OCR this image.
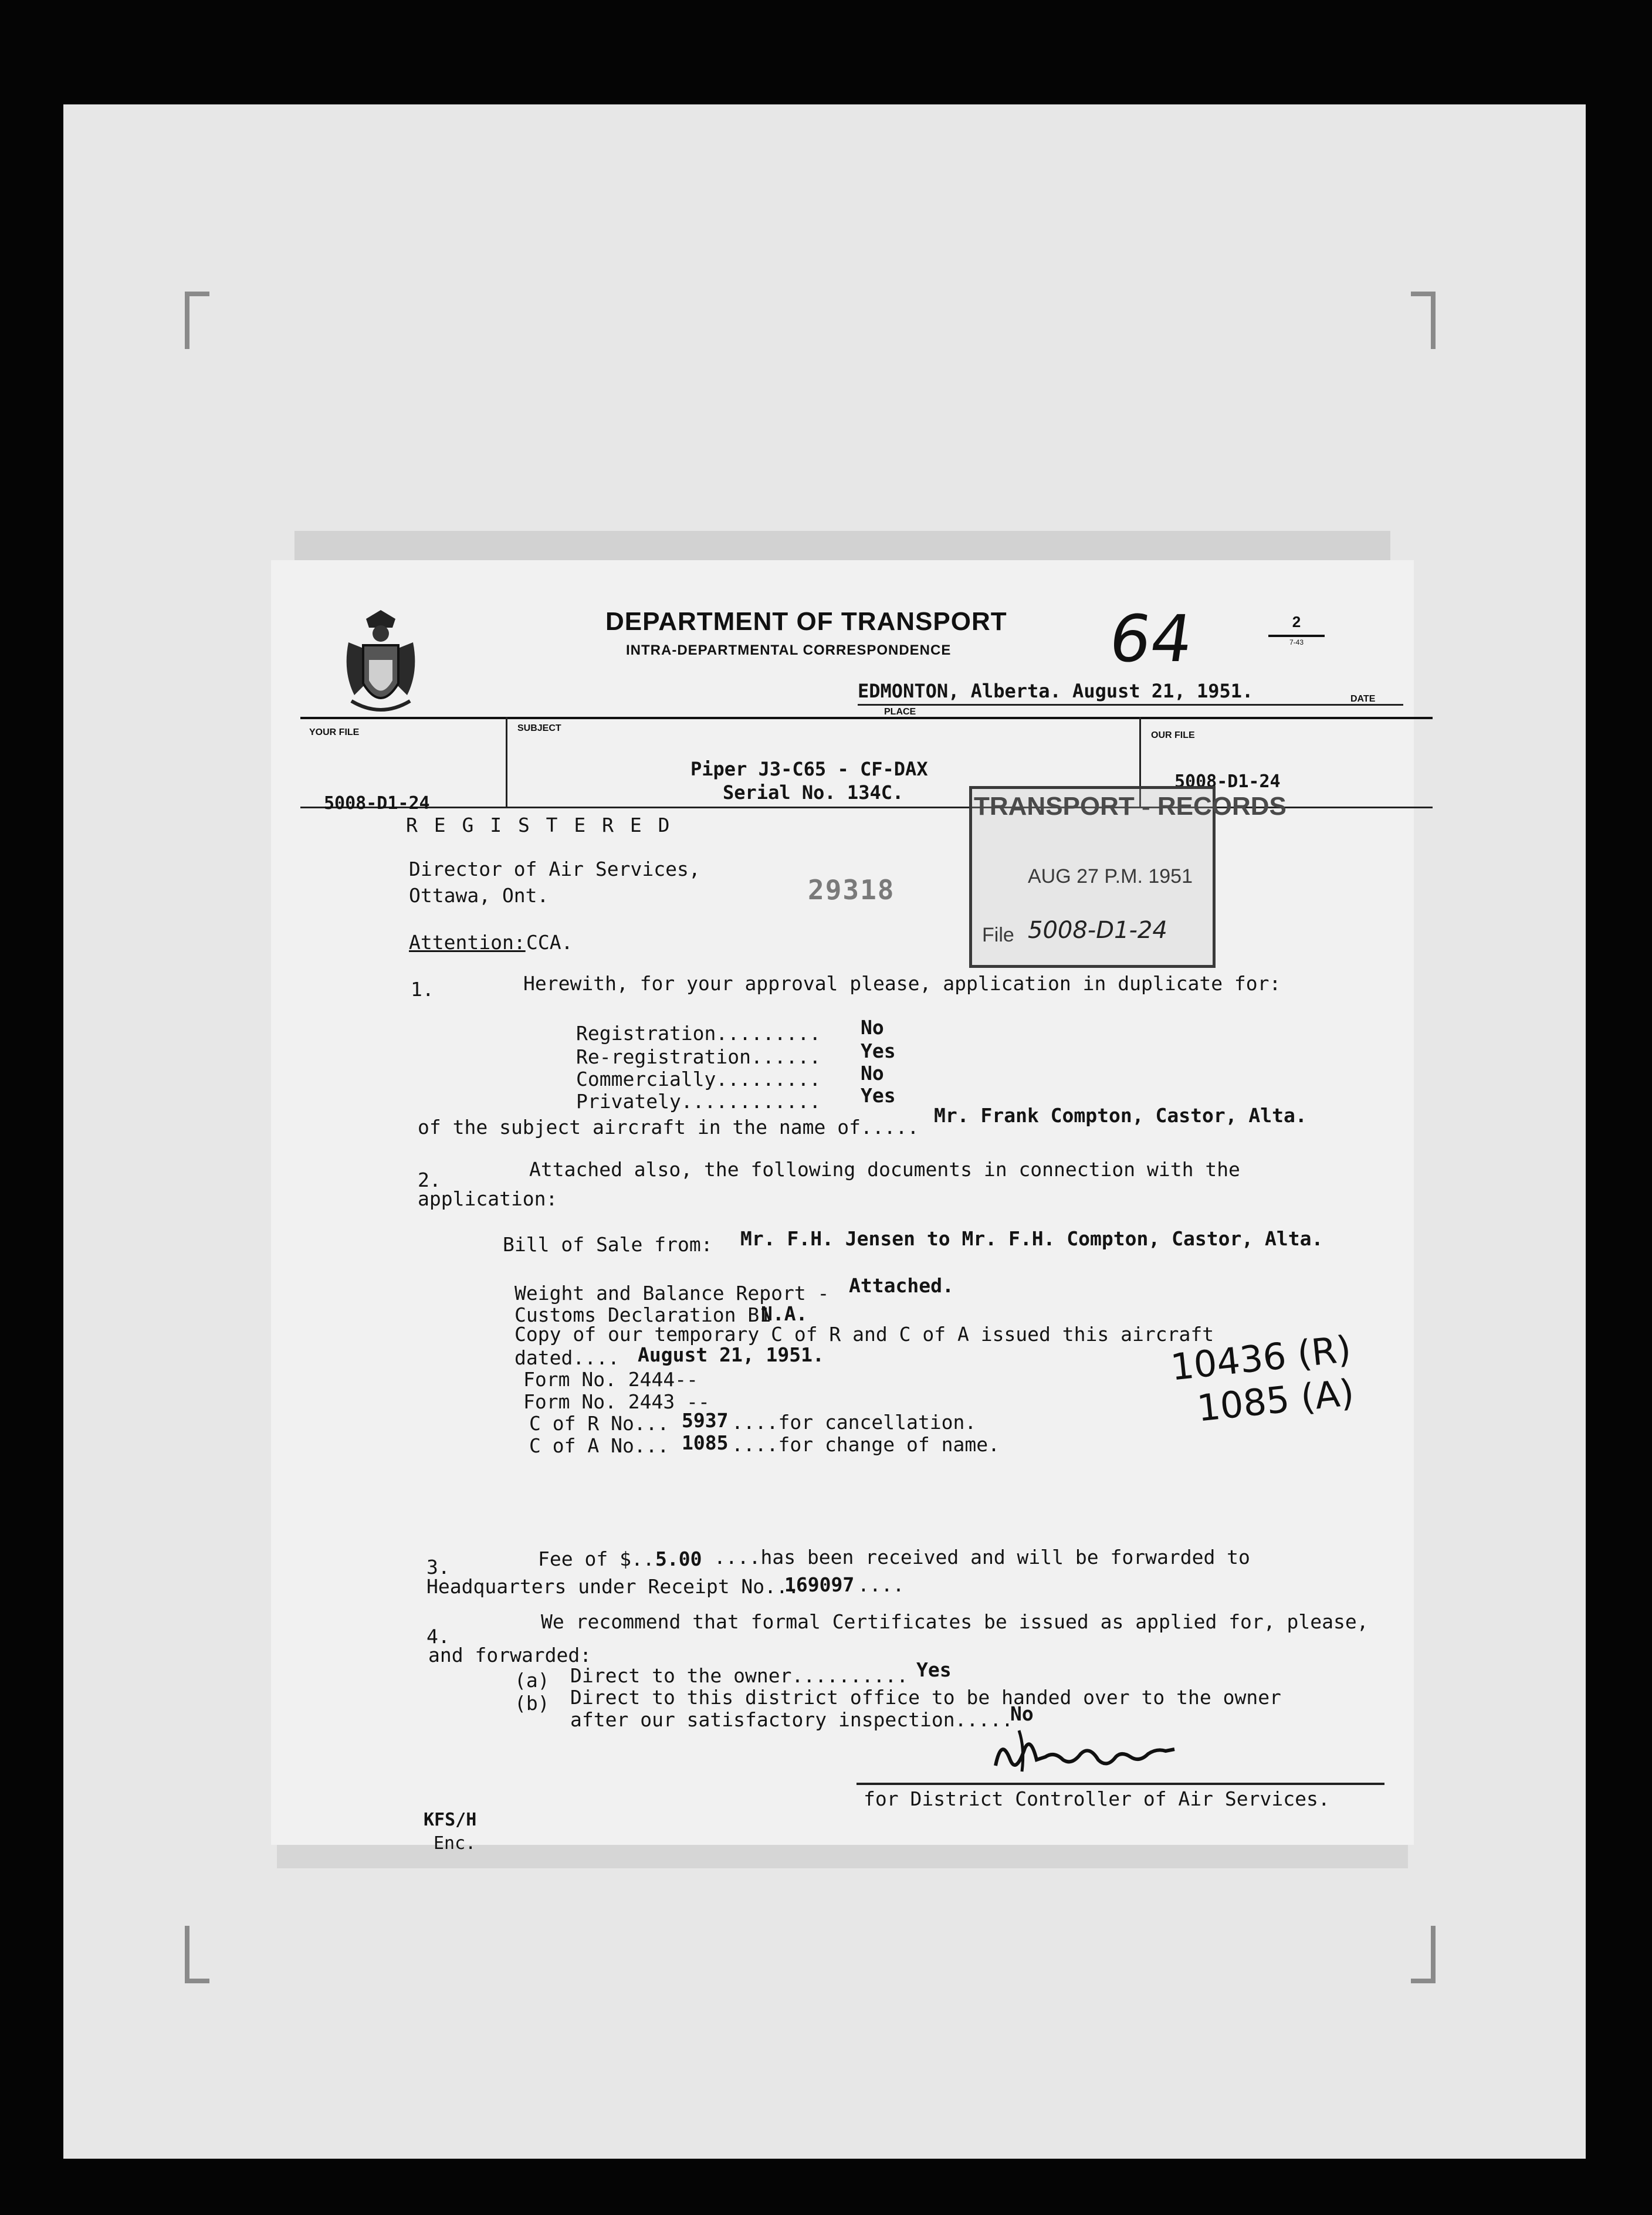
DEPARTMENT OF TRANSPORT
INTRA-DEPARTMENTAL CORRESPONDENCE 64	2
7-43
EDMONTON, Alberta. August 21, 1951.
PLACE
DATE
YOUR FILE
5008-D1-24
SUBJECT
Piper J3-C65 - CF-DAX
Serial No. 134C.
OUR FILE
5008-D1-24
TRANSPORT - RECORDS
AUG 27 P.M. 1951
File 5008-D1-24
29318
R E G I S T E R E D
Director of Air Services,
Ottawa, Ont.
Attention: CCA.
1.	Herewith, for your approval please, application in duplicate for:
Registration......... No
Re-registration...... Yes
Commercially......... No
Privately............ Yes
of the subject aircraft in the name of.....
Mr. Frank Compton, Castor, Alta.
2.	Attached also, the following documents in connection with the
application:
Bill of Sale from: Mr. F.H. Jensen to Mr. F.H. Compton, Castor, Alta.
Weight and Balance Report - Attached.
Customs Declaration B1
N.A.
Copy of our temporary C of R and C of A issued this aircraft
dated.... August 21, 1951.
Form No. 2444--
Form No. 2443 --
C of R No... 5937 ....for cancellation.
C of A No... 1085 ....for change of name.
10436 (R)
1085 (A)
3.	Fee of $.. 5.00 ....has been received and will be forwarded to
Headquarters under Receipt No...
169097 ....
4.
We recommend that formal Certificates be issued as applied for, please,
and forwarded:
(a) Direct to the owner.......... Yes
(b) Direct to this district office to be handed over to the owner
after our satisfactory inspection.....
No
for District Controller of Air Services.
KFS/H
Enc.
